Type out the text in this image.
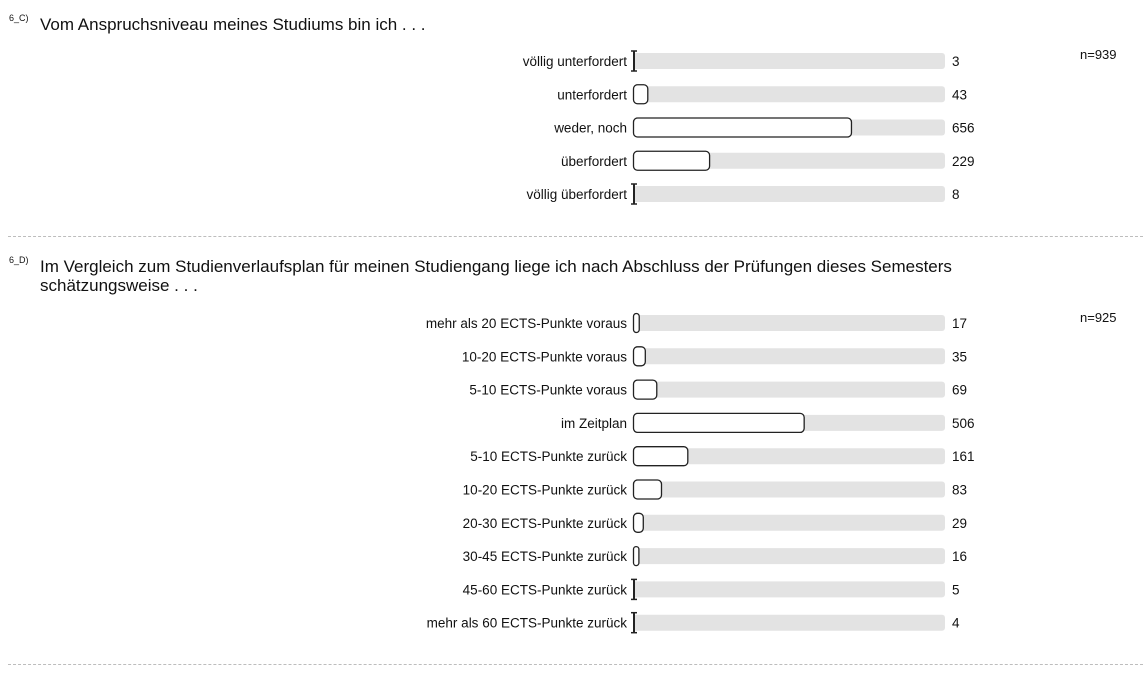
6_C) Vom Anspruchsniveau meines Studiums bin ich . . .
n=939
völlig unterfordert	3
unterfordert	43
weder, noch	656
überfordert	229
völlig überfordert	8
6_D) Im Vergleich zum Studienverlaufsplan für meinen Studiengang liege ich nach Abschluss der Prüfungen dieses Semesters schätzungsweise . . .
n=925
mehr als 20 ECTS-Punkte voraus	17
10-20 ECTS-Punkte voraus	35
5-10 ECTS-Punkte voraus	69
im Zeitplan	506
5-10 ECTS-Punkte zurück	161
10-20 ECTS-Punkte zurück	83
20-30 ECTS-Punkte zurück	29
30-45 ECTS-Punkte zurück	16
45-60 ECTS-Punkte zurück	5
mehr als 60 ECTS-Punkte zurück	4
